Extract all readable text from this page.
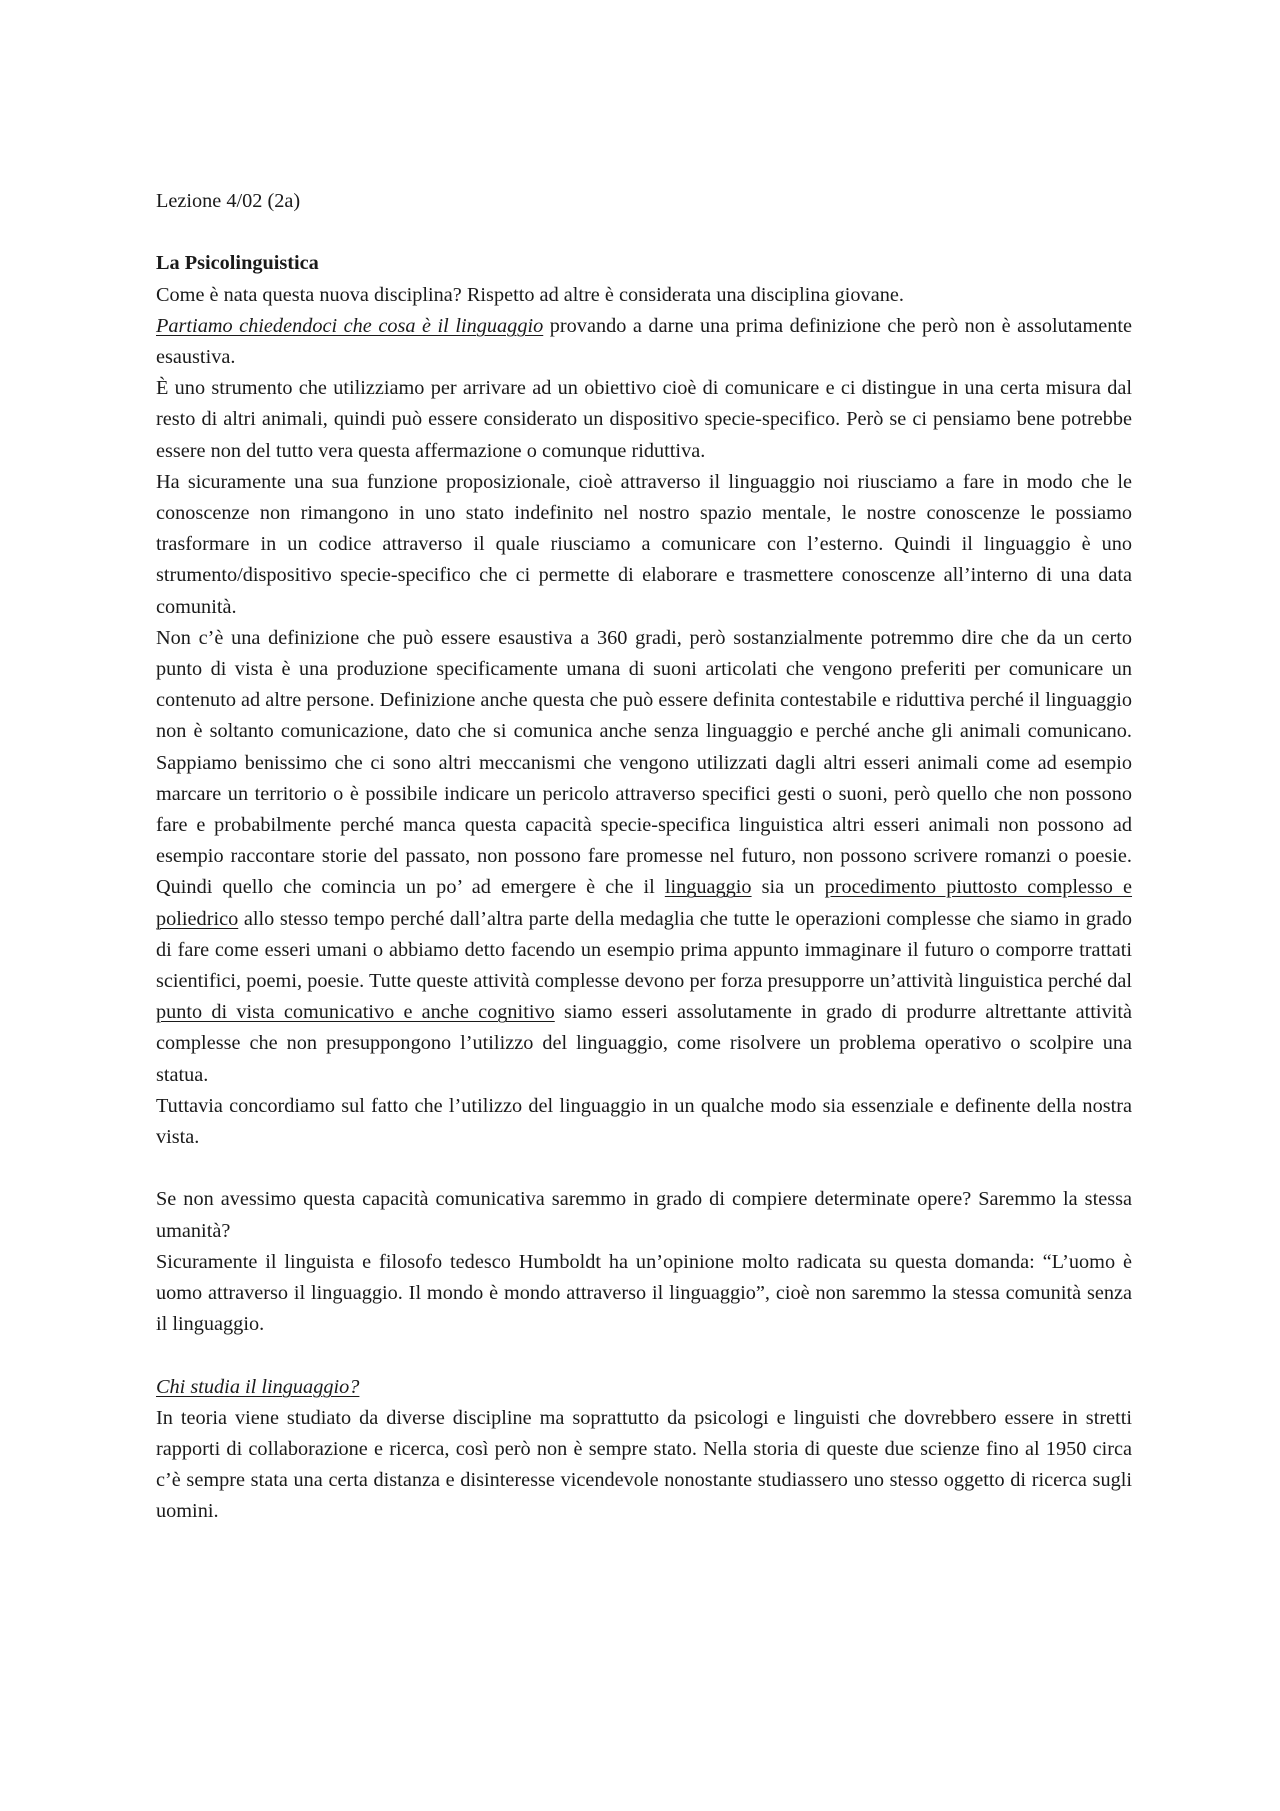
Lezione 4/02 (2a)

La Psicolinguistica

Come è nata questa nuova disciplina? Rispetto ad altre è considerata una disciplina giovane.

Partiamo chiedendoci che cosa è il linguaggio provando a darne una prima definizione che però non è assolutamente esaustiva.

È uno strumento che utilizziamo per arrivare ad un obiettivo cioè di comunicare e ci distingue in una certa misura dal resto di altri animali, quindi può essere considerato un dispositivo specie-specifico. Però se ci pensiamo bene potrebbe essere non del tutto vera questa affermazione o comunque riduttiva.

Ha sicuramente una sua funzione proposizionale, cioè attraverso il linguaggio noi riusciamo a fare in modo che le conoscenze non rimangono in uno stato indefinito nel nostro spazio mentale, le nostre conoscenze le possiamo trasformare in un codice attraverso il quale riusciamo a comunicare con l’esterno. Quindi il linguaggio è uno strumento/dispositivo specie-specifico che ci permette di elaborare e trasmettere conoscenze all’interno di una data comunità.

Non c’è una definizione che può essere esaustiva a 360 gradi, però sostanzialmente potremmo dire che da un certo punto di vista è una produzione specificamente umana di suoni articolati che vengono preferiti per comunicare un contenuto ad altre persone. Definizione anche questa che può essere definita contestabile e riduttiva perché il linguaggio non è soltanto comunicazione, dato che si comunica anche senza linguaggio e perché anche gli animali comunicano. Sappiamo benissimo che ci sono altri meccanismi che vengono utilizzati dagli altri esseri animali come ad esempio marcare un territorio o è possibile indicare un pericolo attraverso specifici gesti o suoni, però quello che non possono fare e probabilmente perché manca questa capacità specie-specifica linguistica altri esseri animali non possono ad esempio raccontare storie del passato, non possono fare promesse nel futuro, non possono scrivere romanzi o poesie. Quindi quello che comincia un po’ ad emergere è che il linguaggio sia un procedimento piuttosto complesso e poliedrico allo stesso tempo perché dall’altra parte della medaglia che tutte le operazioni complesse che siamo in grado di fare come esseri umani o abbiamo detto facendo un esempio prima appunto immaginare il futuro o comporre trattati scientifici, poemi, poesie. Tutte queste attività complesse devono per forza presupporre un’attività linguistica perché dal punto di vista comunicativo e anche cognitivo siamo esseri assolutamente in grado di produrre altrettante attività complesse che non presuppongono l’utilizzo del linguaggio, come risolvere un problema operativo o scolpire una statua.

Tuttavia concordiamo sul fatto che l’utilizzo del linguaggio in un qualche modo sia essenziale e definente della nostra vista.

Se non avessimo questa capacità comunicativa saremmo in grado di compiere determinate opere? Saremmo la stessa umanità?

Sicuramente il linguista e filosofo tedesco Humboldt ha un’opinione molto radicata su questa domanda: “L’uomo è uomo attraverso il linguaggio. Il mondo è mondo attraverso il linguaggio”, cioè non saremmo la stessa comunità senza il linguaggio.

Chi studia il linguaggio?

In teoria viene studiato da diverse discipline ma soprattutto da psicologi e linguisti che dovrebbero essere in stretti rapporti di collaborazione e ricerca, così però non è sempre stato. Nella storia di queste due scienze fino al 1950 circa c’è sempre stata una certa distanza e disinteresse vicendevole nonostante studiassero uno stesso oggetto di ricerca sugli uomini.
